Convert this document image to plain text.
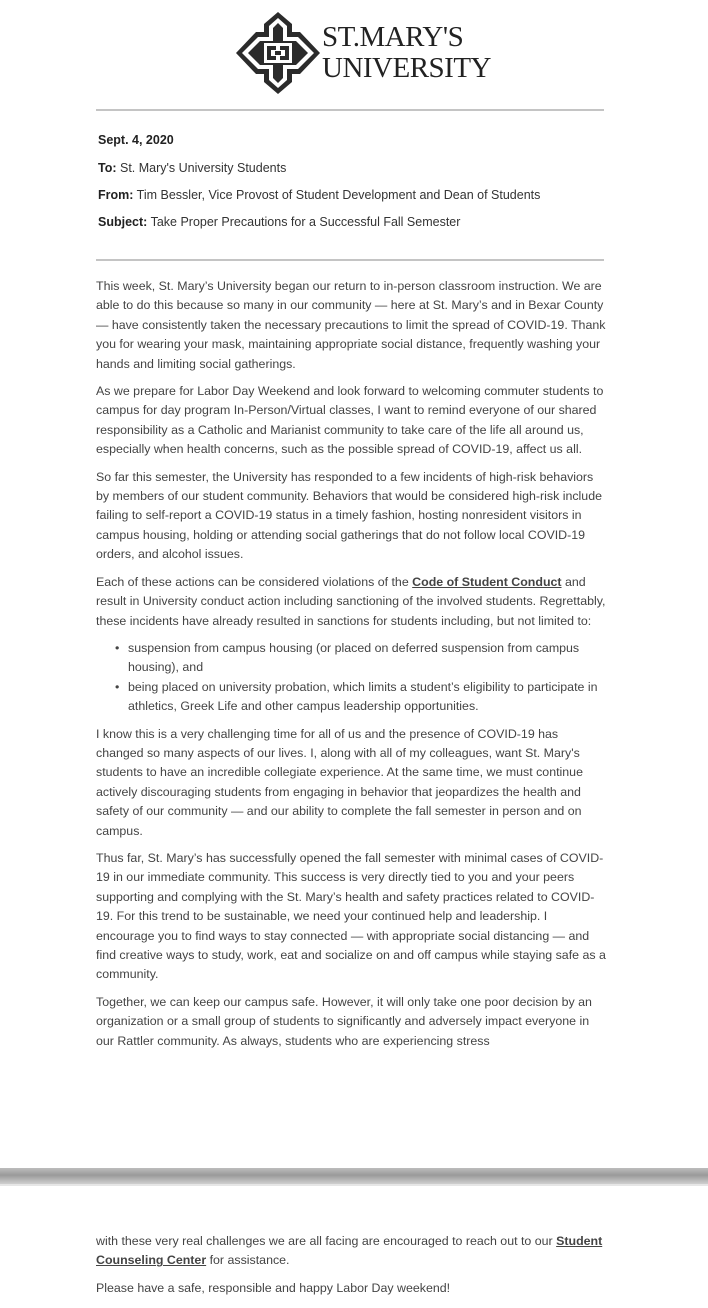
ST.MARY'S
UNIVERSITY

Sept. 4, 2020

To: St. Mary's University Students

From: Tim Bessler, Vice Provost of Student Development and Dean of Students

Subject: Take Proper Precautions for a Successful Fall Semester

This week, St. Mary’s University began our return to in-person classroom instruction. We are able to do this because so many in our community — here at St. Mary’s and in Bexar County — have consistently taken the necessary precautions to limit the spread of COVID-19. Thank you for wearing your mask, maintaining appropriate social distance, frequently washing your hands and limiting social gatherings.

As we prepare for Labor Day Weekend and look forward to welcoming commuter students to campus for day program In-Person/Virtual classes, I want to remind everyone of our shared responsibility as a Catholic and Marianist community to take care of the life all around us, especially when health concerns, such as the possible spread of COVID-19, affect us all.

So far this semester, the University has responded to a few incidents of high-risk behaviors by members of our student community. Behaviors that would be considered high-risk include failing to self-report a COVID-19 status in a timely fashion, hosting nonresident visitors in campus housing, holding or attending social gatherings that do not follow local COVID-19 orders, and alcohol issues.

Each of these actions can be considered violations of the Code of Student Conduct and result in University conduct action including sanctioning of the involved students. Regrettably, these incidents have already resulted in sanctions for students including, but not limited to:

• suspension from campus housing (or placed on deferred suspension from campus housing), and
• being placed on university probation, which limits a student’s eligibility to participate in athletics, Greek Life and other campus leadership opportunities.

I know this is a very challenging time for all of us and the presence of COVID-19 has changed so many aspects of our lives. I, along with all of my colleagues, want St. Mary's students to have an incredible collegiate experience. At the same time, we must continue actively discouraging students from engaging in behavior that jeopardizes the health and safety of our community — and our ability to complete the fall semester in person and on campus.

Thus far, St. Mary’s has successfully opened the fall semester with minimal cases of COVID-19 in our immediate community. This success is very directly tied to you and your peers supporting and complying with the St. Mary’s health and safety practices related to COVID-19. For this trend to be sustainable, we need your continued help and leadership. I encourage you to find ways to stay connected — with appropriate social distancing — and find creative ways to study, work, eat and socialize on and off campus while staying safe as a community.

Together, we can keep our campus safe. However, it will only take one poor decision by an organization or a small group of students to significantly and adversely impact everyone in our Rattler community. As always, students who are experiencing stress

with these very real challenges we are all facing are encouraged to reach out to our Student Counseling Center for assistance.

Please have a safe, responsible and happy Labor Day weekend!
